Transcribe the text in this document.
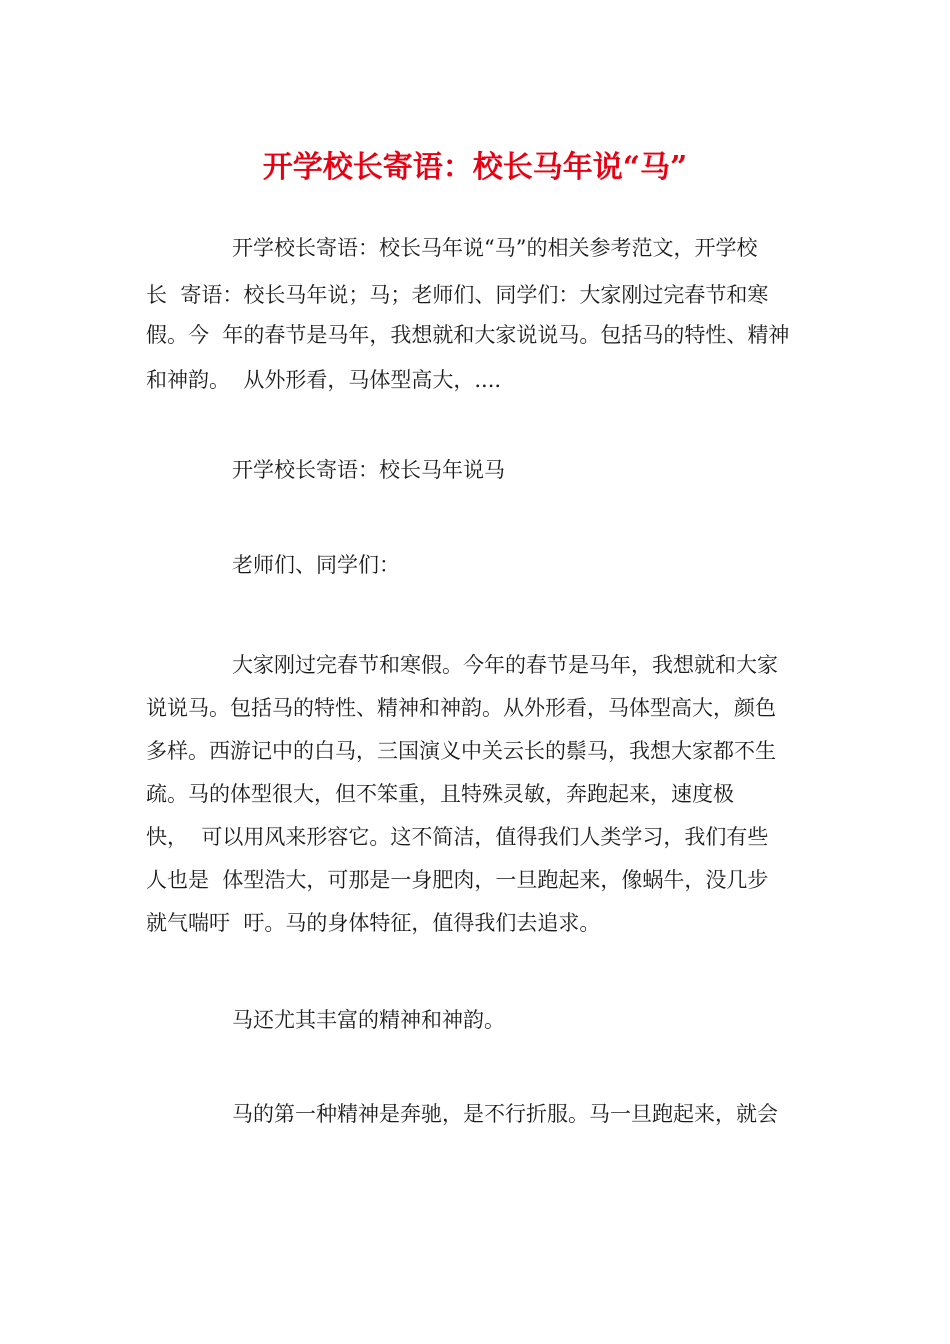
开学校长寄语：校长马年说“马”
开学校长寄语：校长马年说“马”的相关参考范文，开学校
长  寄语：校长马年说；马；老师们、同学们：大家刚过完春节和寒
假。今  年的春节是马年，我想就和大家说说马。包括马的特性、精神
和神韵。  从外形看，马体型高大，....
开学校长寄语：校长马年说马
老师们、同学们：
大家刚过完春节和寒假。今年的春节是马年，我想就和大家
说说马。包括马的特性、精神和神韵。从外形看，马体型高大，颜色
多样。西游记中的白马，三国演义中关云长的鬃马，我想大家都不生
疏。马的体型很大，但不笨重，且特殊灵敏，奔跑起来，速度极
快，  可以用风来形容它。这不简洁，值得我们人类学习，我们有些
人也是  体型浩大，可那是一身肥肉，一旦跑起来，像蜗牛，没几步
就气喘吁  吁。马的身体特征，值得我们去追求。
马还尤其丰富的精神和神韵。
马的第一种精神是奔驰，是不行折服。马一旦跑起来，就会
